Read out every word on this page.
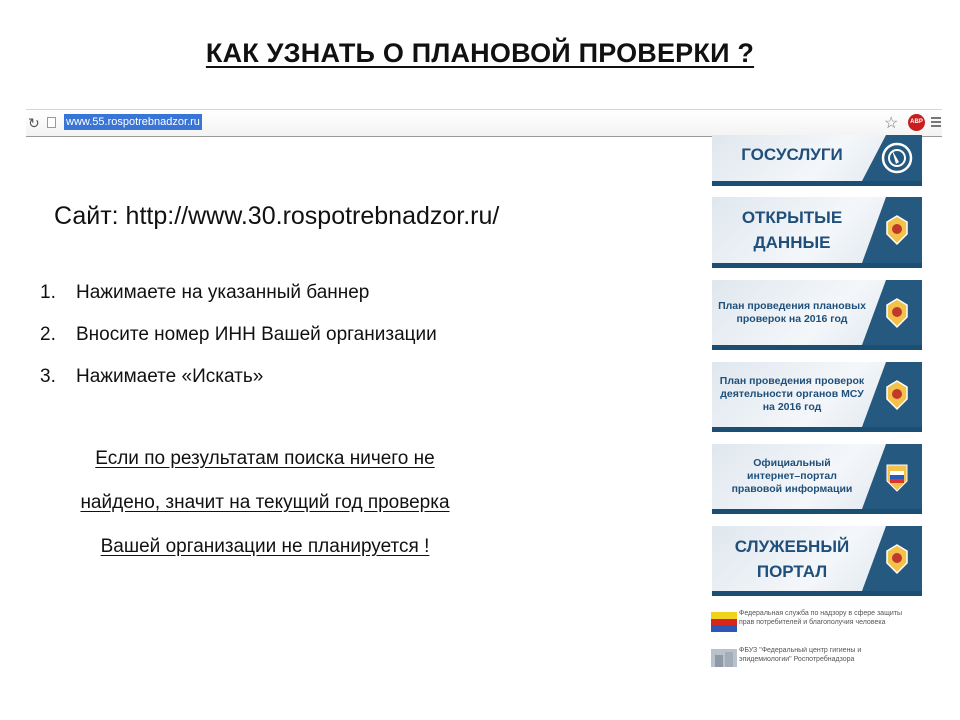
КАК УЗНАТЬ О ПЛАНОВОЙ ПРОВЕРКИ ?
↻ www.55.rospotrebnadzor.ru	☆	ABP
Сайт: http://www.30.rospotrebnadzor.ru/
1.	Нажимаете на указанный баннер
2.	Вносите номер ИНН Вашей организации
3.	Нажимаете «Искать»
Если по результатам поиска ничего не
найдено, значит на текущий год проверка
Вашей организации не планируется !
ГОСУСЛУГИ
ОТКРЫТЫЕ
ДАННЫЕ
План проведения плановых
проверок на 2016 год
План проведения проверок
деятельности органов МСУ
на 2016 год
Официальный
интернет–портал
правовой информации
СЛУЖЕБНЫЙ
ПОРТАЛ
Федеральная служба по надзору в сфере защиты прав потребителей и благополучия человека
ФБУЗ "Федеральный центр гигиены и эпидемиологии" Роспотребнадзора
